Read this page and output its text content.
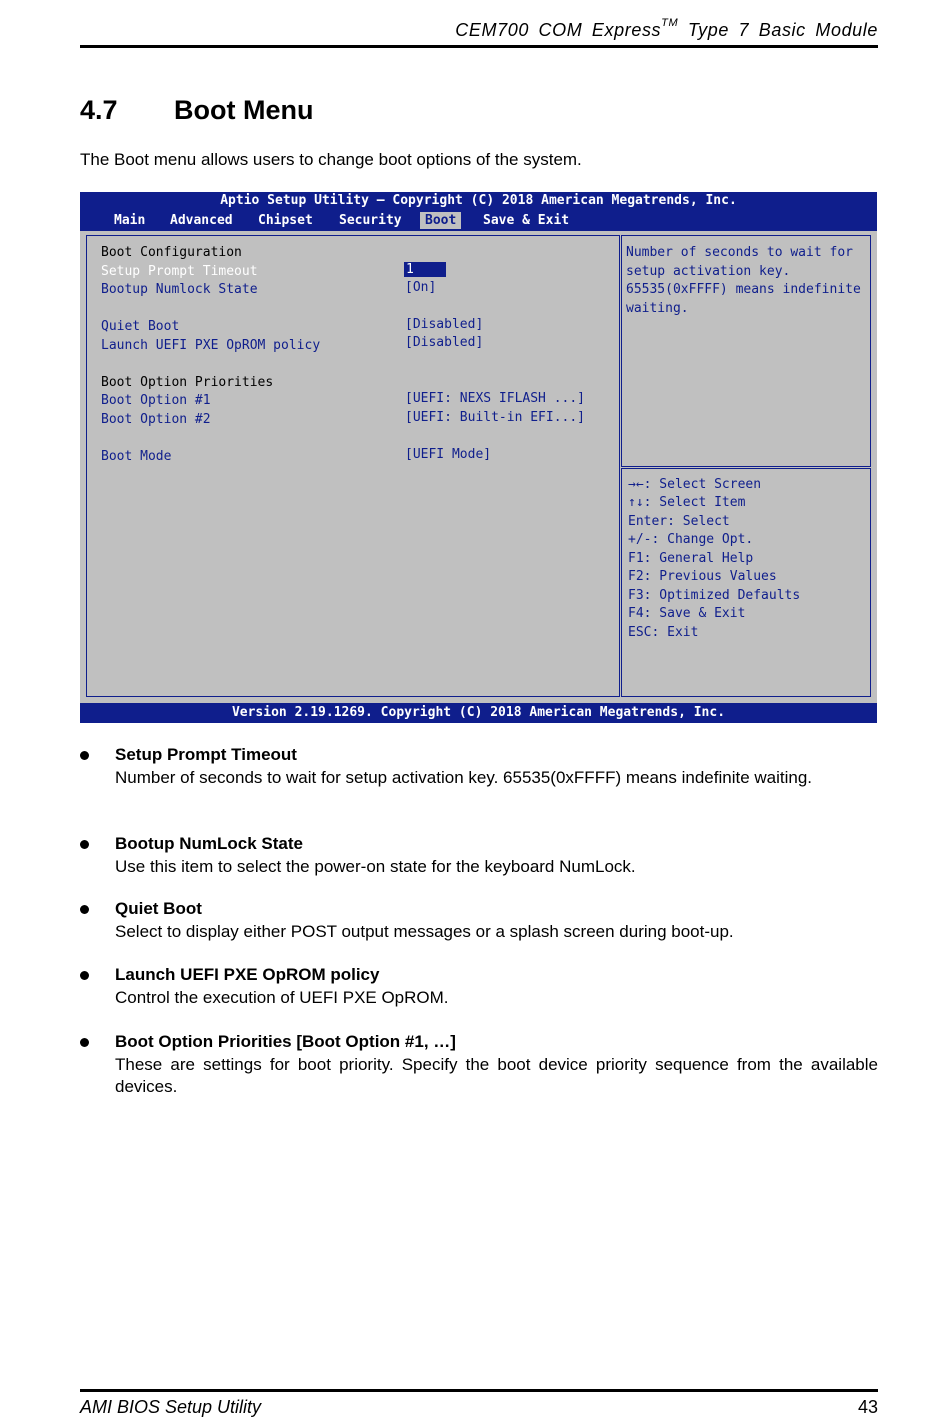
CEM700 COM Express™ Type 7 Basic Module
4.7 Boot Menu
The Boot menu allows users to change boot options of the system.
Aptio Setup Utility – Copyright (C) 2018 American Megatrends, Inc.
Main	Advanced	Chipset	Security	Boot	Save & Exit
Boot Configuration
Setup Prompt Timeout	1
Bootup Numlock State	[On]
Quiet Boot	[Disabled]
Launch UEFI PXE OpROM policy	[Disabled]
Boot Option Priorities
Boot Option #1	[UEFI: NEXS IFLASH ...]
Boot Option #2	[UEFI: Built-in EFI...]
Boot Mode	[UEFI Mode]
Number of seconds to wait for
setup activation key.
65535(0xFFFF) means indefinite
waiting.
→←: Select Screen
↑↓: Select Item
Enter: Select
+/-: Change Opt.
F1: General Help
F2: Previous Values
F3: Optimized Defaults
F4: Save & Exit
ESC: Exit
Version 2.19.1269. Copyright (C) 2018 American Megatrends, Inc.
Setup Prompt Timeout
Number of seconds to wait for setup activation key. 65535(0xFFFF) means indefinite waiting.
Bootup NumLock State
Use this item to select the power-on state for the keyboard NumLock.
Quiet Boot
Select to display either POST output messages or a splash screen during boot-up.
Launch UEFI PXE OpROM policy
Control the execution of UEFI PXE OpROM.
Boot Option Priorities [Boot Option #1, …]
These are settings for boot priority. Specify the boot device priority sequence from the available devices.
AMI BIOS Setup Utility	43
